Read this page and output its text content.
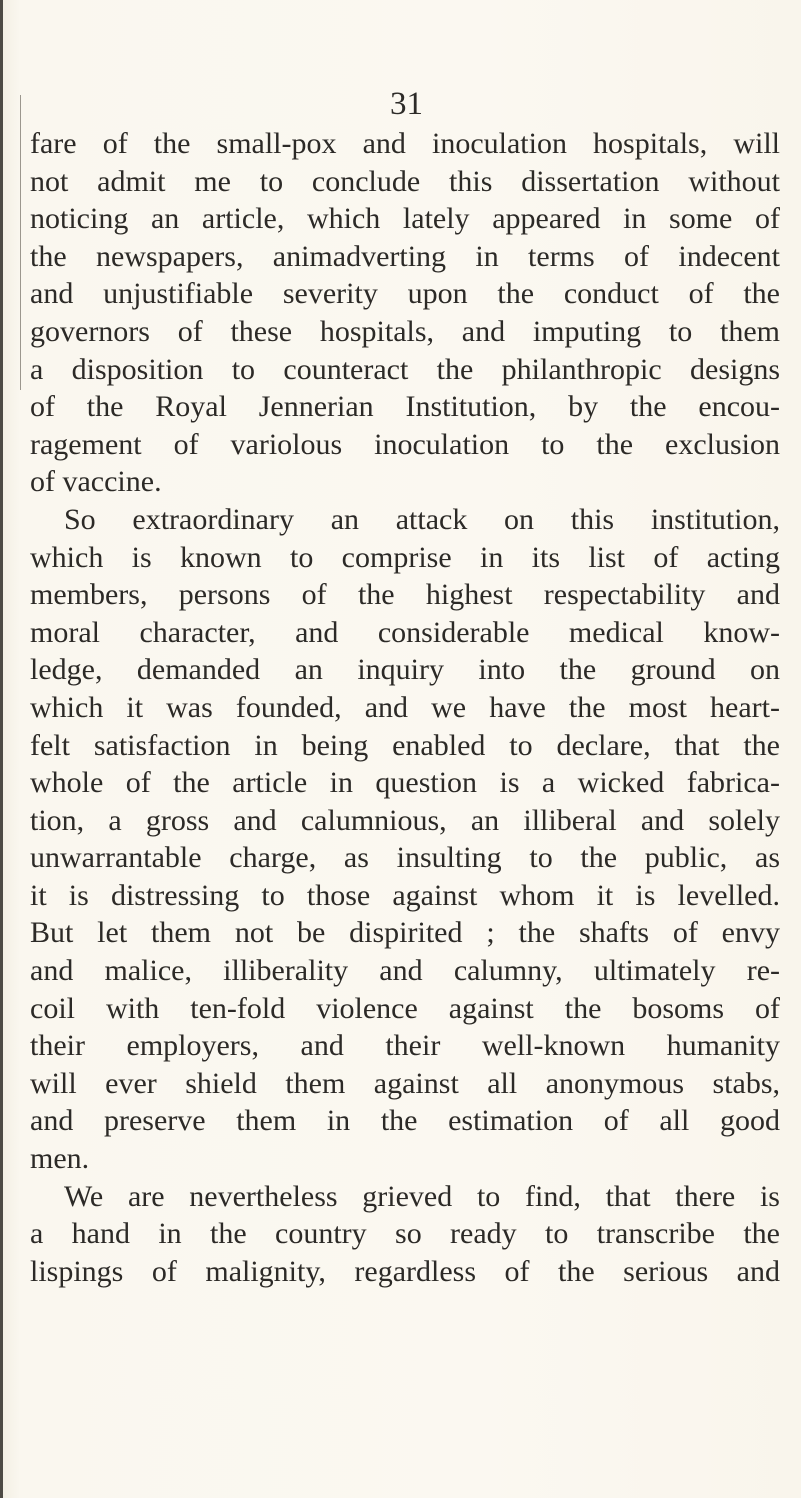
31
fare of the small-pox and inoculation hospitals, will
not admit me to conclude this dissertation without
noticing an article, which lately appeared in some of
the newspapers, animadverting in terms of indecent
and unjustifiable severity upon the conduct of the
governors of these hospitals, and imputing to them
a disposition to counteract the philanthropic designs
of the Royal Jennerian Institution, by the encou-
ragement of variolous inoculation to the exclusion
of vaccine.
So extraordinary an attack on this institution,
which is known to comprise in its list of acting
members, persons of the highest respectability and
moral character, and considerable medical know-
ledge, demanded an inquiry into the ground on
which it was founded, and we have the most heart-
felt satisfaction in being enabled to declare, that the
whole of the article in question is a wicked fabrica-
tion, a gross and calumnious, an illiberal and solely
unwarrantable charge, as insulting to the public, as
it is distressing to those against whom it is levelled.
But let them not be dispirited ; the shafts of envy
and malice, illiberality and calumny, ultimately re-
coil with ten-fold violence against the bosoms of
their employers, and their well-known humanity
will ever shield them against all anonymous stabs,
and preserve them in the estimation of all good
men.
We are nevertheless grieved to find, that there is
a hand in the country so ready to transcribe the
lispings of malignity, regardless of the serious and
